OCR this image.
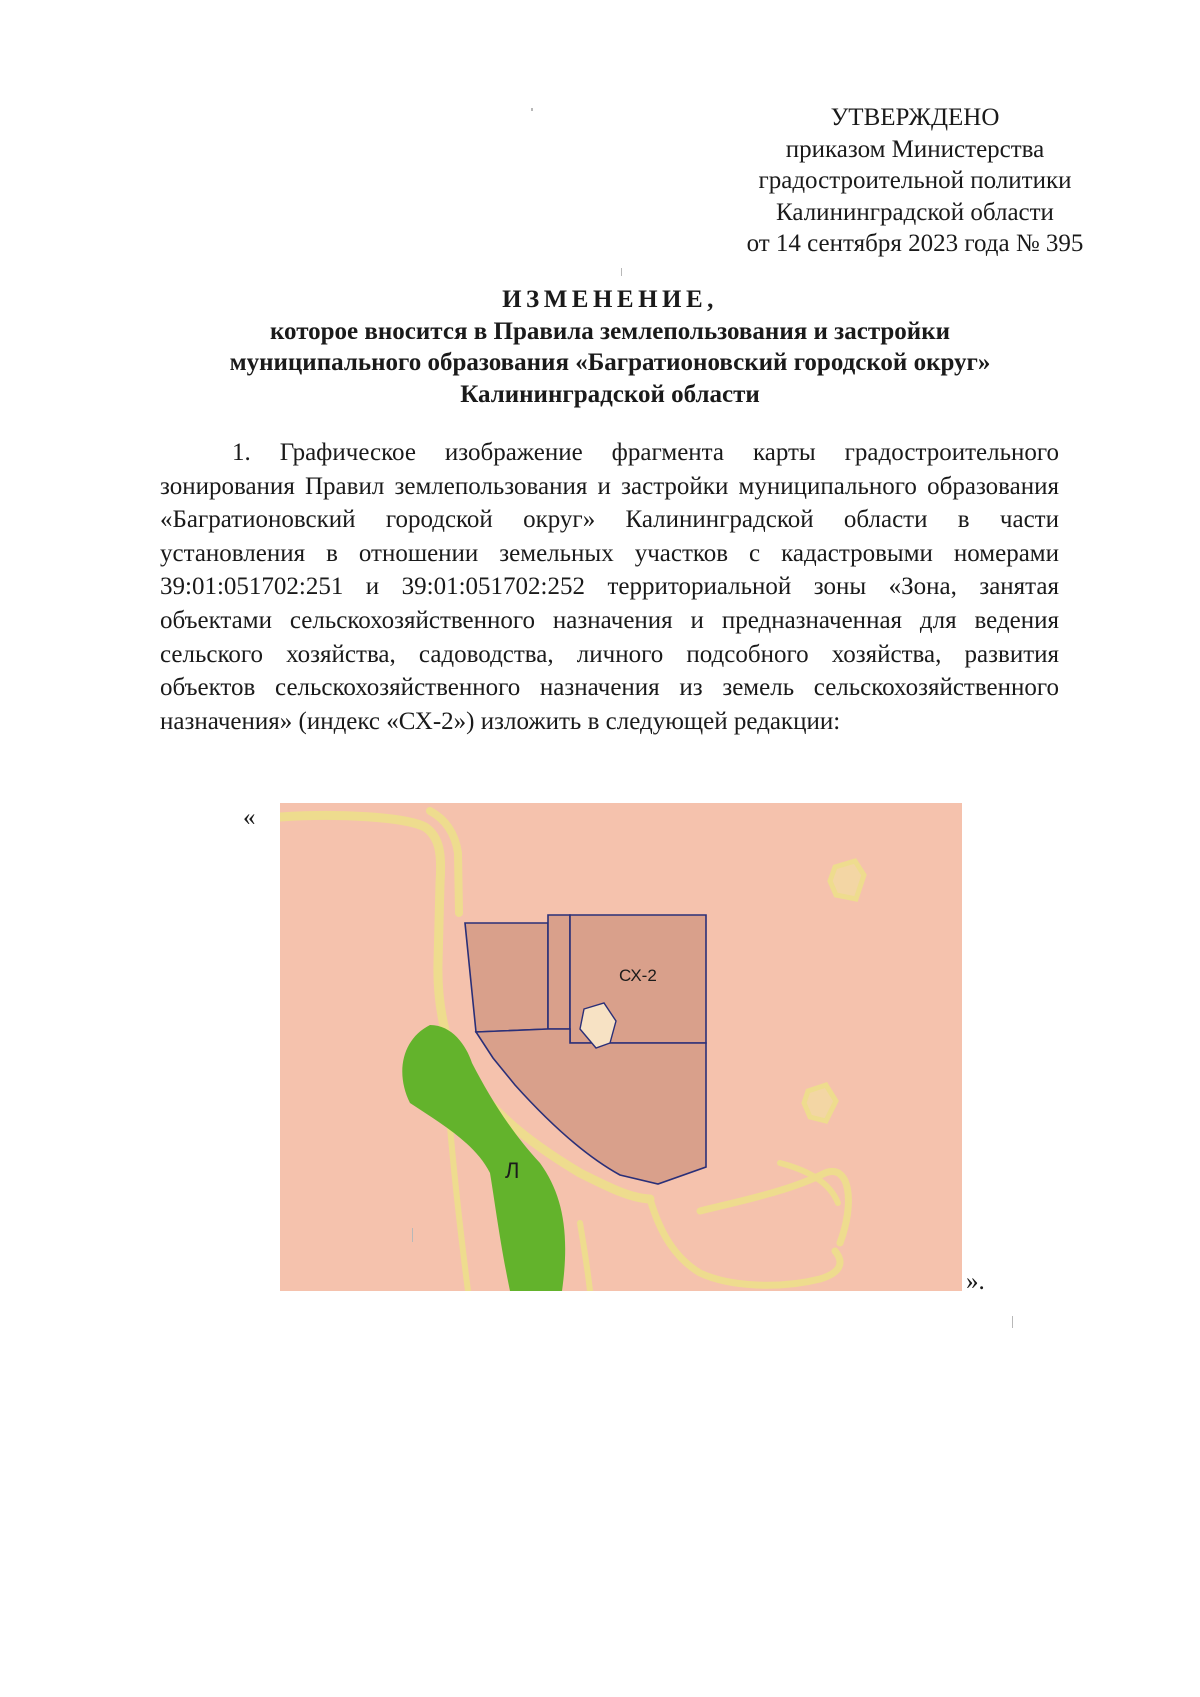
УТВЕРЖДЕНО
приказом Министерства
градостроительной политики
Калининградской области
от 14 сентября 2023 года № 395
ИЗМЕНЕНИЕ,
которое вносится в Правила землепользования и застройки
муниципального образования «Багратионовский городской округ»
Калининградской области

1. Графическое изображение фрагмента карты градостроительного зонирования Правил землепользования и застройки муниципального образования «Багратионовский городской округ» Калининградской области в части установления в отношении земельных участков с кадастровыми номерами 39:01:051702:251 и 39:01:051702:252 территориальной зоны «Зона, занятая объектами сельскохозяйственного назначения и предназначенная для ведения сельского хозяйства, садоводства, личного подсобного хозяйства, развития объектов сельскохозяйственного назначения из земель сельскохозяйственного назначения» (индекс «СХ-2») изложить в следующей редакции:

«
».
СХ-2
Л
